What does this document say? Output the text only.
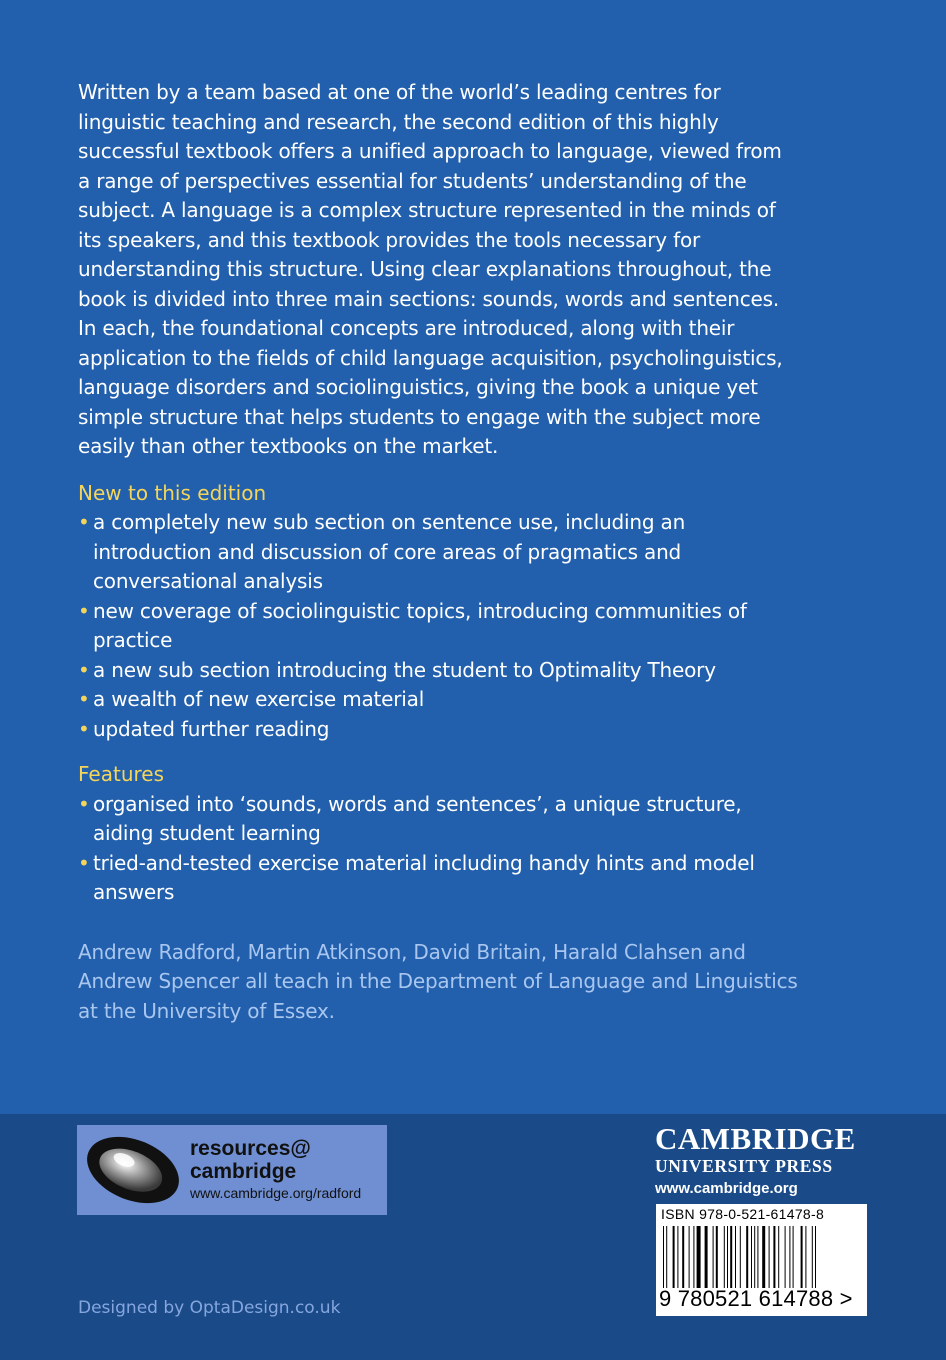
Written by a team based at one of the world’s leading centres for linguistic teaching and research, the second edition of this highly successful textbook offers a unified approach to language, viewed from a range of perspectives essential for students’ understanding of the subject. A language is a complex structure represented in the minds of its speakers, and this textbook provides the tools necessary for understanding this structure. Using clear explanations throughout, the book is divided into three main sections: sounds, words and sentences. In each, the foundational concepts are introduced, along with their application to the fields of child language acquisition, psycholinguistics, language disorders and sociolinguistics, giving the book a unique yet simple structure that helps students to engage with the subject more easily than other textbooks on the market.

New to this edition
• a completely new sub section on sentence use, including an introduction and discussion of core areas of pragmatics and conversational analysis
• new coverage of sociolinguistic topics, introducing communities of practice
• a new sub section introducing the student to Optimality Theory
• a wealth of new exercise material
• updated further reading
Features
• organised into ‘sounds, words and sentences’, a unique structure, aiding student learning
• tried-and-tested exercise material including handy hints and model answers

Andrew Radford, Martin Atkinson, David Britain, Harald Clahsen and Andrew Spencer all teach in the Department of Language and Linguistics at the University of Essex.

resources@
cambridge
www.cambridge.org/radford
CAMBRIDGE
UNIVERSITY PRESS
www.cambridge.org
ISBN 978-0-521-61478-8
9 780521 614788 >
Designed by OptaDesign.co.uk
